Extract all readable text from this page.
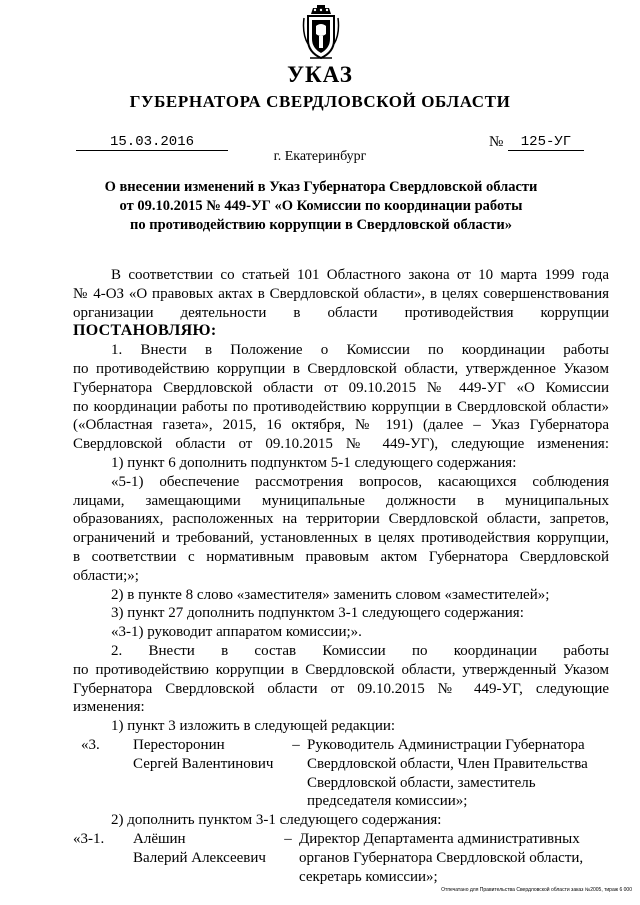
УКАЗ
ГУБЕРНАТОРА СВЕРДЛОВСКОЙ ОБЛАСТИ
15.03.2016	№	125-УГ
г. Екатеринбург
О внесении изменений в Указ Губернатора Свердловской области
от 09.10.2015 № 449-УГ «О Комиссии по координации работы
по противодействию коррупции в Свердловской области»

В соответствии со статьей 101 Областного закона от 10 марта 1999 года

№ 4-ОЗ «О правовых актах в Свердловской области», в целях совершенствования

организации деятельности в области противодействия коррупции

ПОСТАНОВЛЯЮ:

1. Внести в Положение о Комиссии по координации работы

по противодействию коррупции в Свердловской области, утвержденное Указом

Губернатора Свердловской области от 09.10.2015 № 449-УГ «О Комиссии

по координации работы по противодействию коррупции в Свердловской области»

(«Областная газета», 2015, 16 октября, № 191) (далее – Указ Губернатора

Свердловской области от 09.10.2015 № 449-УГ), следующие изменения:

1) пункт 6 дополнить подпунктом 5-1 следующего содержания:

«5-1) обеспечение рассмотрения вопросов, касающихся соблюдения

лицами, замещающими муниципальные должности в муниципальных

образованиях, расположенных на территории Свердловской области, запретов,

ограничений и требований, установленных в целях противодействия коррупции,

в соответствии с нормативным правовым актом Губернатора Свердловской

области;»;

2) в пункте 8 слово «заместителя» заменить словом «заместителей»;

3) пункт 27 дополнить подпунктом 3-1 следующего содержания:

«3-1) руководит аппаратом комиссии;».

2. Внести в состав Комиссии по координации работы

по противодействию коррупции в Свердловской области, утвержденный Указом

Губернатора Свердловской области от 09.10.2015 № 449-УГ, следующие

изменения:

1) пункт 3 изложить в следующей редакции:

«3.	Пересторонин
Сергей Валентинович
– Руководитель Администрации Губернатора
Свердловской области, Член Правительства
Свердловской области, заместитель
председателя комиссии»;

2) дополнить пунктом 3-1 следующего содержания:

«3-1.	Алёшин
Валерий Алексеевич
– Директор Департамента административных
органов Губернатора Свердловской области,
секретарь комиссии»;
Отпечатано для Правительства Свердловской области заказ №2005, тираж 6 000
